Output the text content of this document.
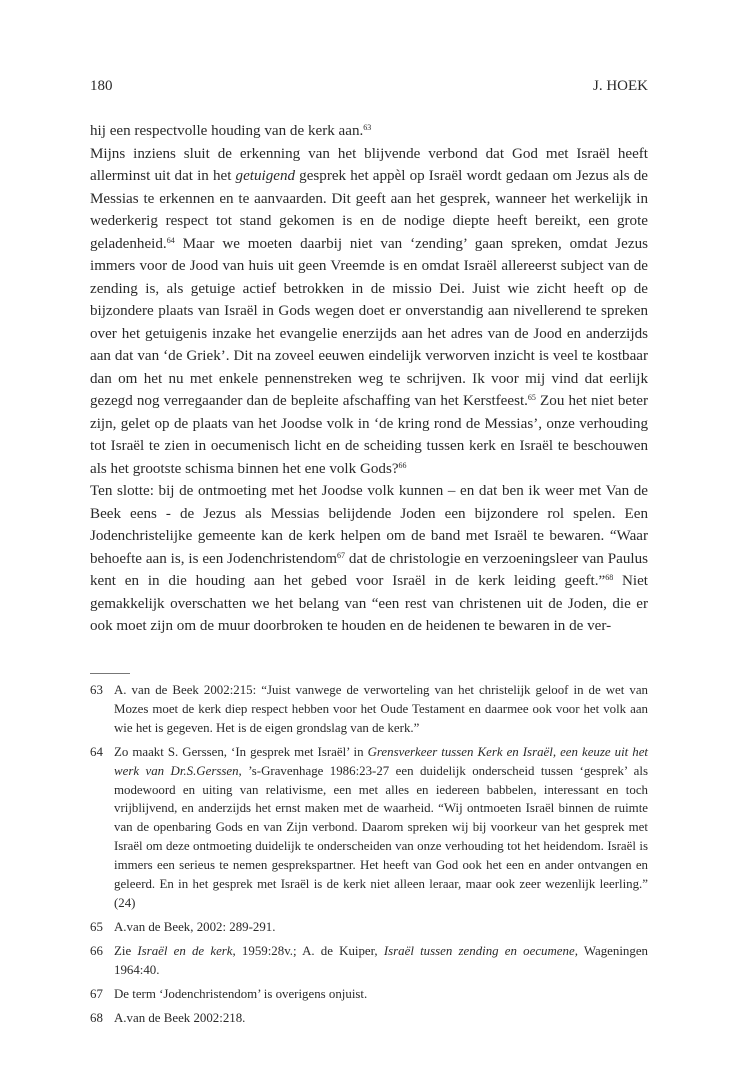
180	J. HOEK

hij een respectvolle houding van de kerk aan.$^{63}$

Mijns inziens sluit de erkenning van het blijvende verbond dat God met Israël heeft allerminst uit dat in het getuigend gesprek het appèl op Israël wordt gedaan om Jezus als de Messias te erkennen en te aanvaarden. Dit geeft aan het gesprek, wanneer het werkelijk in wederkerig respect tot stand gekomen is en de nodige diepte heeft bereikt, een grote geladenheid.$^{64}$ Maar we moeten daarbij niet van ‘zending’ gaan spreken, omdat Jezus immers voor de Jood van huis uit geen Vreemde is en omdat Israël allereerst subject van de zending is, als getuige actief betrokken in de missio Dei. Juist wie zicht heeft op de bijzondere plaats van Israël in Gods wegen doet er onverstandig aan nivellerend te spreken over het getuigenis inzake het evangelie enerzijds aan het adres van de Jood en anderzijds aan dat van ‘de Griek’. Dit na zoveel eeuwen eindelijk verworven inzicht is veel te kostbaar dan om het nu met enkele pennenstreken weg te schrijven. Ik voor mij vind dat eerlijk gezegd nog verregaander dan de bepleite afschaffing van het Kerstfeest.$^{65}$ Zou het niet beter zijn, gelet op de plaats van het Joodse volk in ‘de kring rond de Messias’, onze verhouding tot Israël te zien in oecumenisch licht en de scheiding tussen kerk en Israël te beschouwen als het grootste schisma binnen het ene volk Gods?$^{66}$

Ten slotte: bij de ontmoeting met het Joodse volk kunnen – en dat ben ik weer met Van de Beek eens - de Jezus als Messias belijdende Joden een bijzondere rol spelen. Een Jodenchristelijke gemeente kan de kerk helpen om de band met Israël te bewaren. “Waar behoefte aan is, is een Jodenchristendom$^{67}$ dat de christologie en verzoeningsleer van Paulus kent en in die houding aan het gebed voor Israël in de kerk leiding geeft.”$^{68}$ Niet gemakkelijk overschatten we het belang van “een rest van christenen uit de Joden, die er ook moet zijn om de muur doorbroken te houden en de heidenen te bewaren in de ver-

63 A. van de Beek 2002:215: “Juist vanwege de verworteling van het christelijk geloof in de wet van Mozes moet de kerk diep respect hebben voor het Oude Testament en daarmee ook voor het volk aan wie het is gegeven. Het is de eigen grondslag van de kerk.”
64 Zo maakt S. Gerssen, ‘In gesprek met Israël’ in Grensverkeer tussen Kerk en Israël, een keuze uit het werk van Dr.S.Gerssen, ’s-Gravenhage 1986:23-27 een duidelijk onderscheid tussen ‘gesprek’ als modewoord en uiting van relativisme, een met alles en iedereen babbelen, interessant en toch vrijblijvend, en anderzijds het ernst maken met de waarheid. “Wij ontmoeten Israël binnen de ruimte van de openbaring Gods en van Zijn verbond. Daarom spreken wij bij voorkeur van het gesprek met Israël om deze ontmoeting duidelijk te onderscheiden van onze verhouding tot het heidendom. Israël is immers een serieus te nemen gesprekspartner. Het heeft van God ook het een en ander ontvangen en geleerd. En in het gesprek met Israël is de kerk niet alleen leraar, maar ook zeer wezenlijk leerling.” (24)
65 A.van de Beek, 2002: 289-291.
66 Zie Israël en de kerk, 1959:28v.; A. de Kuiper, Israël tussen zending en oecumene, Wageningen 1964:40.
67 De term ‘Jodenchristendom’ is overigens onjuist.
68 A.van de Beek 2002:218.
